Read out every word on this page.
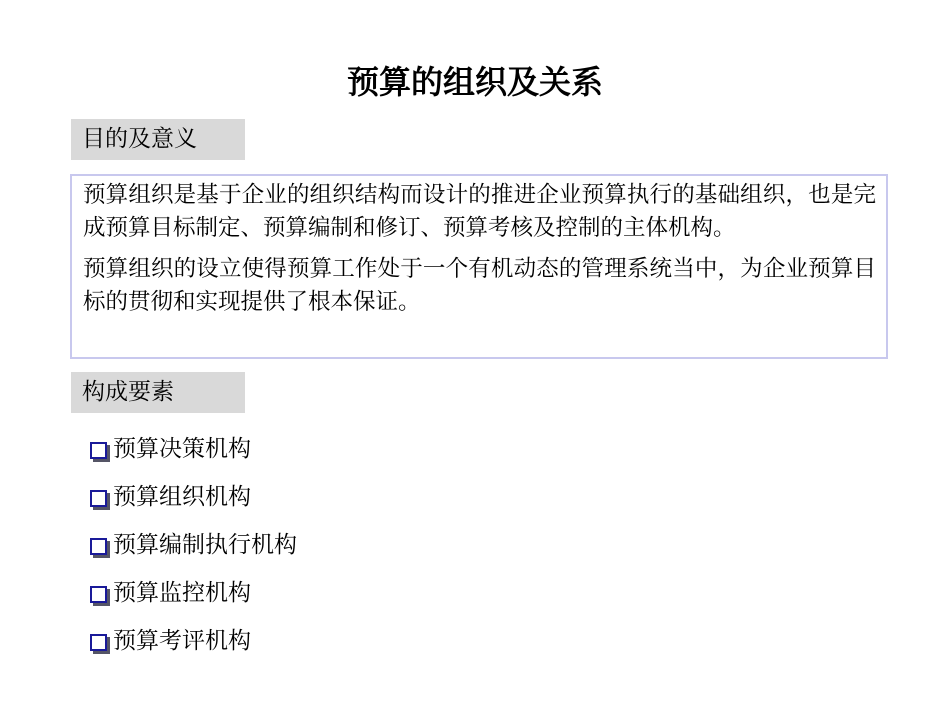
预算的组织及关系
目的及意义

预算组织是基于企业的组织结构而设计的推进企业预算执行的基础组织，也是完成预算目标制定、预算编制和修订、预算考核及控制的主体机构。

预算组织的设立使得预算工作处于一个有机动态的管理系统当中，为企业预算目标的贯彻和实现提供了根本保证。

构成要素
预算决策机构
预算组织机构
预算编制执行机构
预算监控机构
预算考评机构
